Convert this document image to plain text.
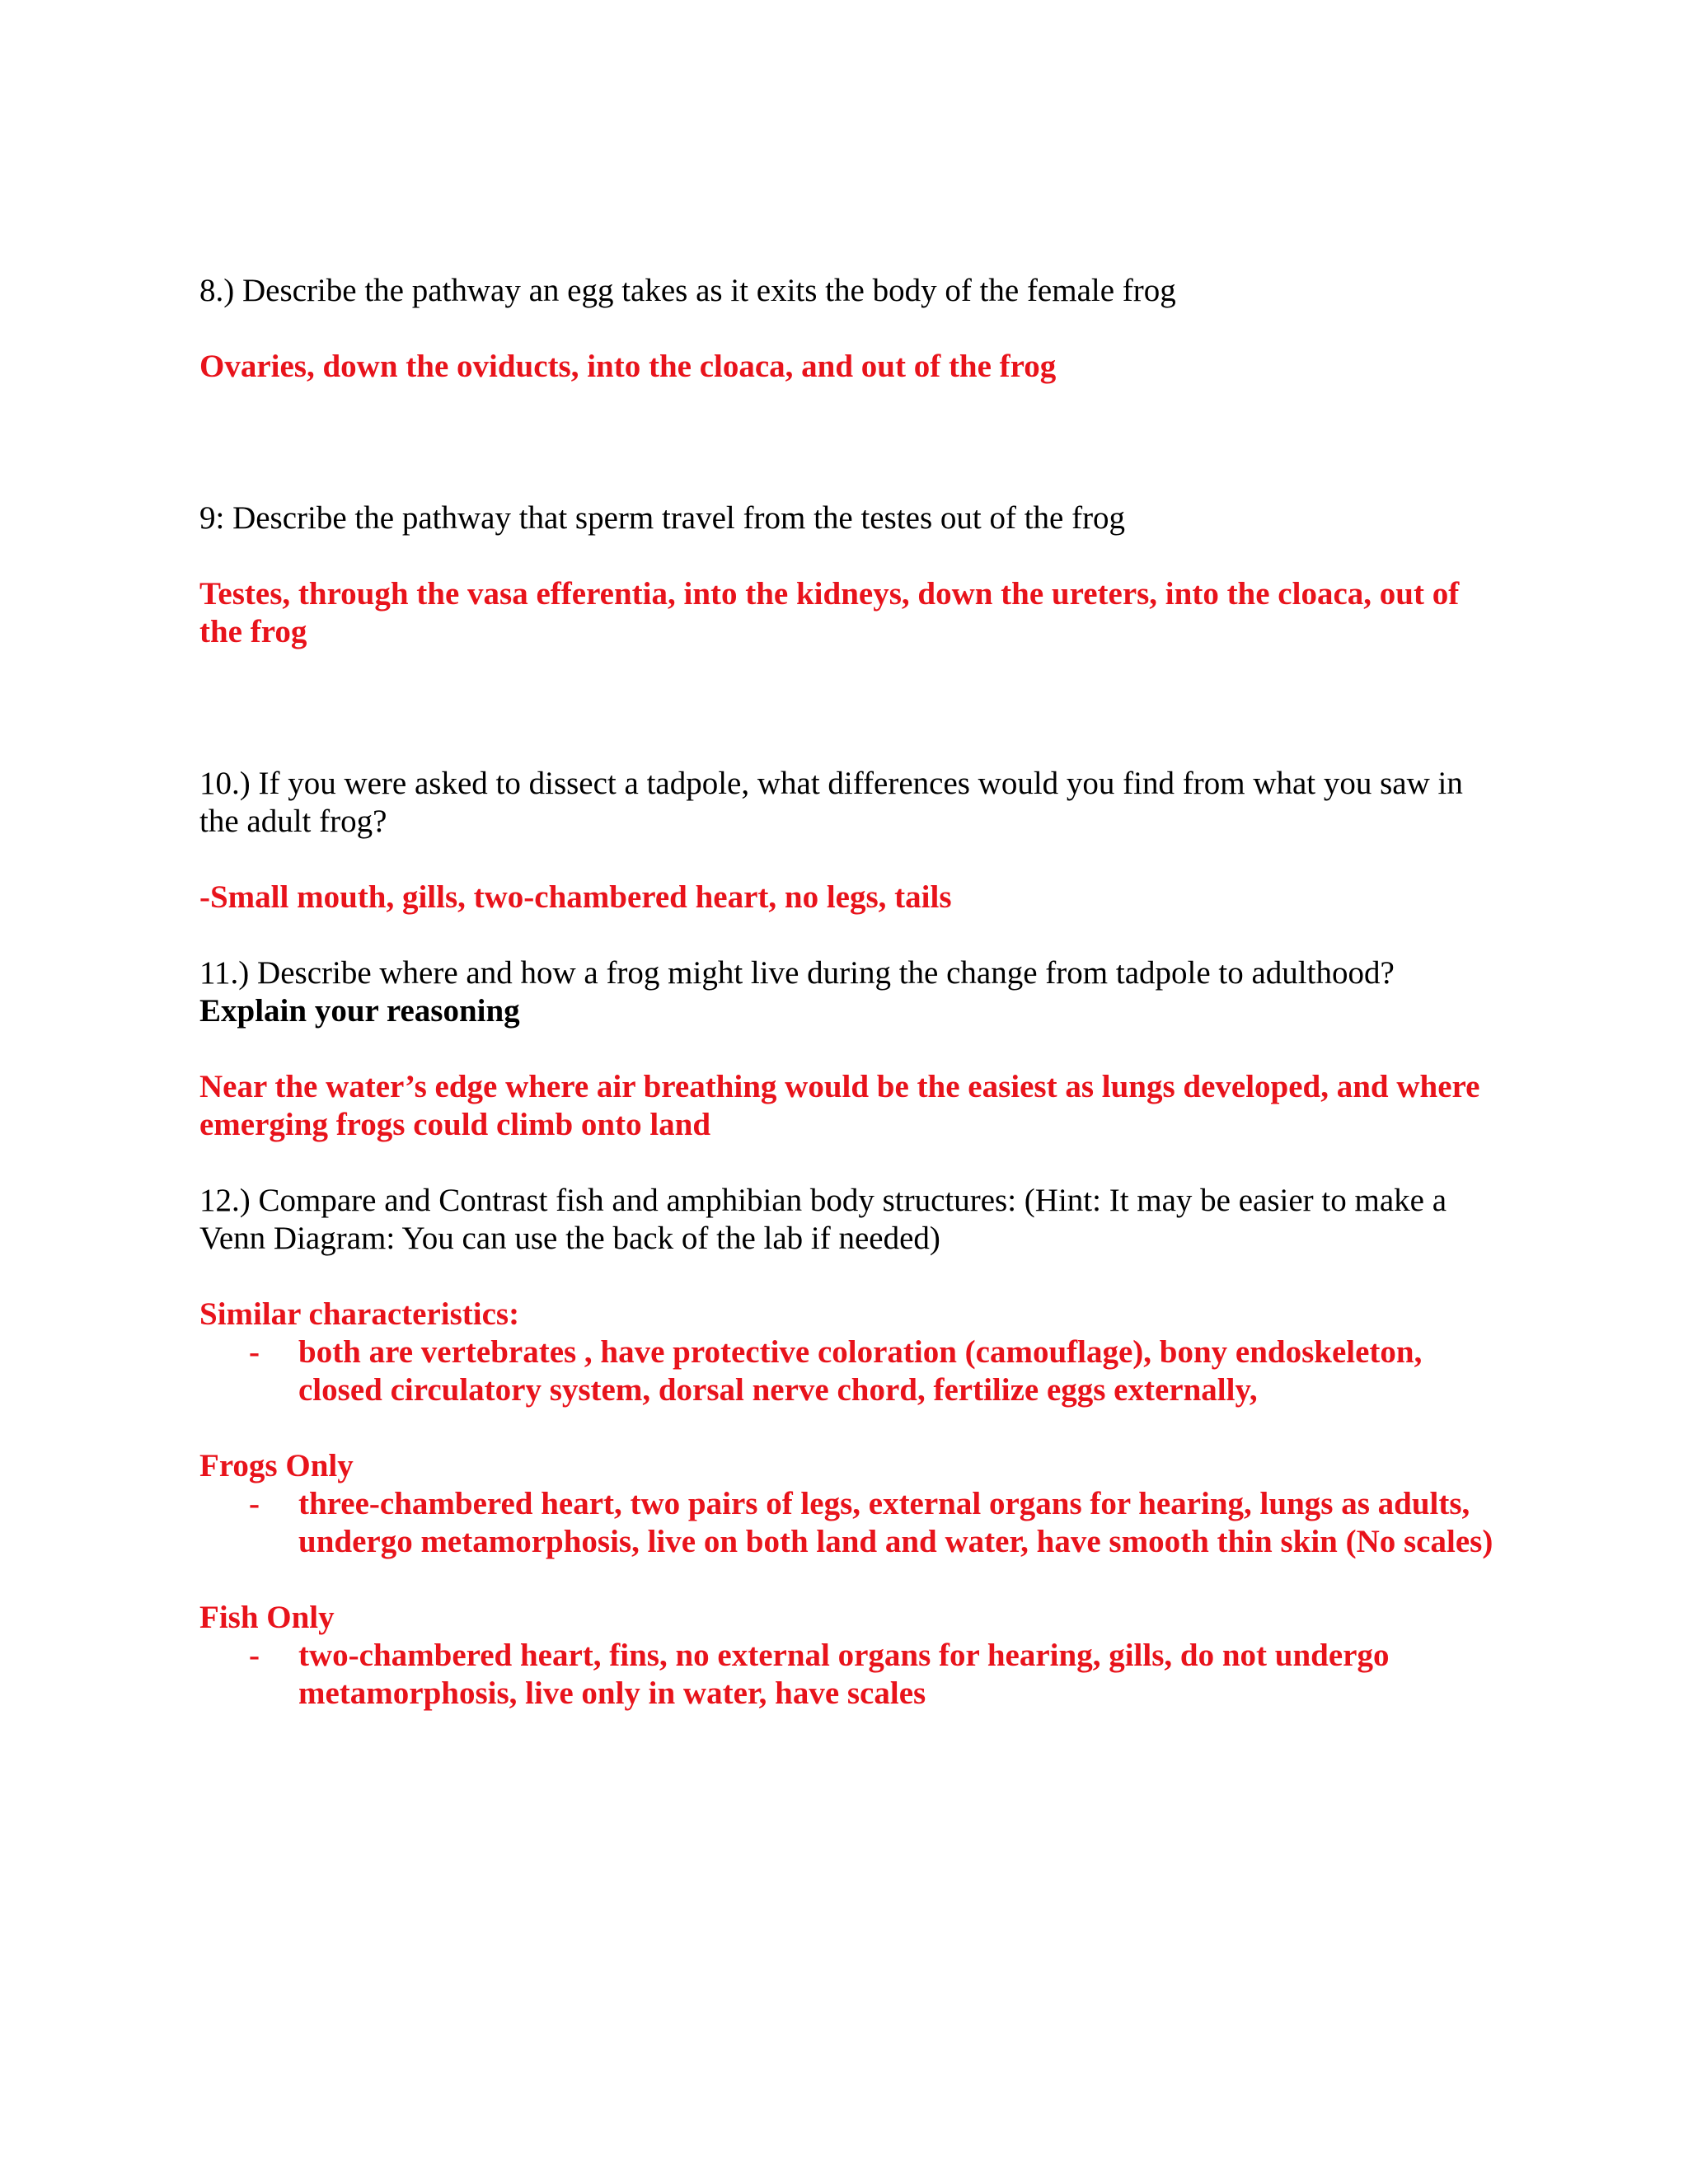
8.) Describe the pathway an egg takes as it exits the body of the female frog

Ovaries, down the oviducts, into the cloaca, and out of the frog

9: Describe the pathway that sperm travel from the testes out of the frog

Testes, through the vasa efferentia, into the kidneys, down the ureters, into the cloaca, out of the frog

10.) If you were asked to dissect a tadpole, what differences would you find from what you saw in the adult frog?

-Small mouth, gills, two-chambered heart, no legs, tails

11.) Describe where and how a frog might live during the change from tadpole to adulthood?

Explain your reasoning

Near the water’s edge where air breathing would be the easiest as lungs developed, and where emerging frogs could climb onto land

12.) Compare and Contrast fish and amphibian body structures: (Hint: It may be easier to make a Venn Diagram: You can use the back of the lab if needed)

Similar characteristics:

-	both are vertebrates , have protective coloration (camouflage), bony endoskeleton, closed circulatory system, dorsal nerve chord, fertilize eggs externally,

Frogs Only

-	three-chambered heart, two pairs of legs, external organs for hearing, lungs as adults, undergo metamorphosis, live on both land and water, have smooth thin skin (No scales)

Fish Only

-	two-chambered heart, fins, no external organs for hearing, gills, do not undergo metamorphosis, live only in water, have scales
